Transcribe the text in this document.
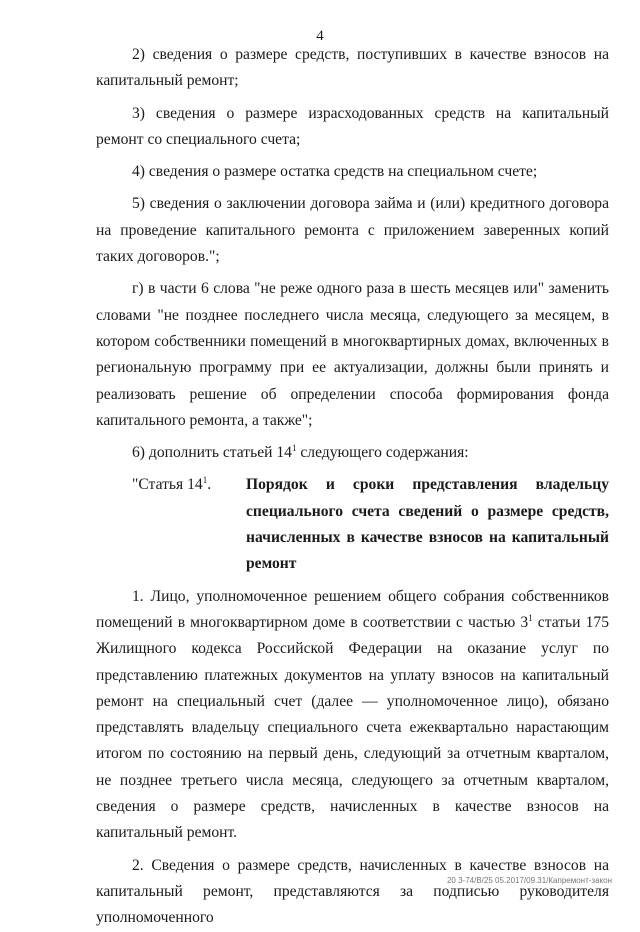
4

2) сведения о размере средств, поступивших в качестве взносов на капитальный ремонт;

3) сведения о размере израсходованных средств на капитальный ремонт со специального счета;

4) сведения о размере остатка средств на специальном счете;

5) сведения о заключении договора займа и (или) кредитного договора на проведение капитального ремонта с приложением заверенных копий таких договоров.";

г) в части 6 слова "не реже одного раза в шесть месяцев или" заменить словами "не позднее последнего числа месяца, следующего за месяцем, в котором собственники помещений в многоквартирных домах, включенных в региональную программу при ее актуализации, должны были принять и реализовать решение об определении способа формирования фонда капитального ремонта, а также";

6) дополнить статьей $14^1$ следующего содержания:

"Статья $14^1$.	Порядок и сроки представления владельцу специального счета сведений о размере средств, начисленных в качестве взносов на капитальный ремонт

1. Лицо, уполномоченное решением общего собрания собственников помещений в многоквартирном доме в соответствии с частью $3^1$ статьи 175 Жилищного кодекса Российской Федерации на оказание услуг по представлению платежных документов на уплату взносов на капитальный ремонт на специальный счет (далее — уполномоченное лицо), обязано представлять владельцу специального счета ежеквартально нарастающим итогом по состоянию на первый день, следующий за отчетным кварталом, не позднее третьего числа месяца, следующего за отчетным кварталом, сведения о размере средств, начисленных в качестве взносов на капитальный ремонт.

2. Сведения о размере средств, начисленных в качестве взносов на капитальный ремонт, представляются за подписью руководителя уполномоченного

20 3-74/В/25 05.2017/09.31/Капремонт-закон
